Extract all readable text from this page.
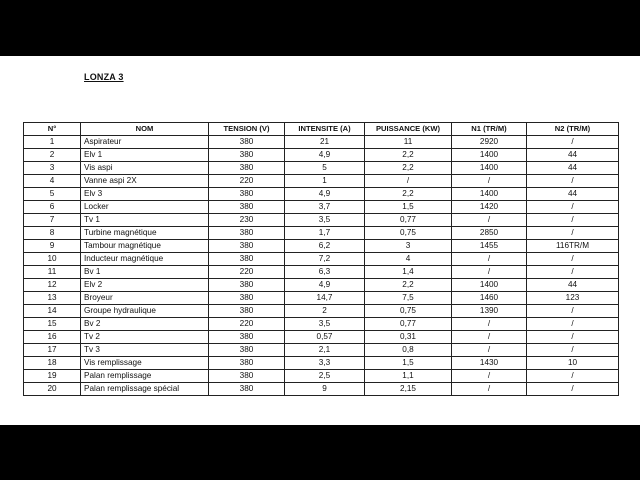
LONZA 3
N°	NOM	TENSION (V)	INTENSITE (A)	PUISSANCE (KW)	N1 (TR/M)	N2 (TR/M)
1	Aspirateur	380	21	11	2920	/
2	Elv 1	380	4,9	2,2	1400	44
3	Vis aspi	380	5	2,2	1400	44
4	Vanne aspi 2X	220	1	/	/	/
5	Elv 3	380	4,9	2,2	1400	44
6	Locker	380	3,7	1,5	1420	/
7	Tv 1	230	3,5	0,77	/	/
8	Turbine magnétique	380	1,7	0,75	2850	/
9	Tambour magnétique	380	6,2	3	1455	116TR/M
10	Inducteur magnétique	380	7,2	4	/	/
11	Bv 1	220	6,3	1,4	/	/
12	Elv 2	380	4,9	2,2	1400	44
13	Broyeur	380	14,7	7,5	1460	123
14	Groupe hydraulique	380	2	0,75	1390	/
15	Bv 2	220	3,5	0,77	/	/
16	Tv 2	380	0,57	0,31	/	/
17	Tv 3	380	2,1	0,8	/	/
18	Vis remplissage	380	3,3	1,5	1430	10
19	Palan remplissage	380	2,5	1,1	/	/
20	Palan remplissage spécial	380	9	2,15	/	/
